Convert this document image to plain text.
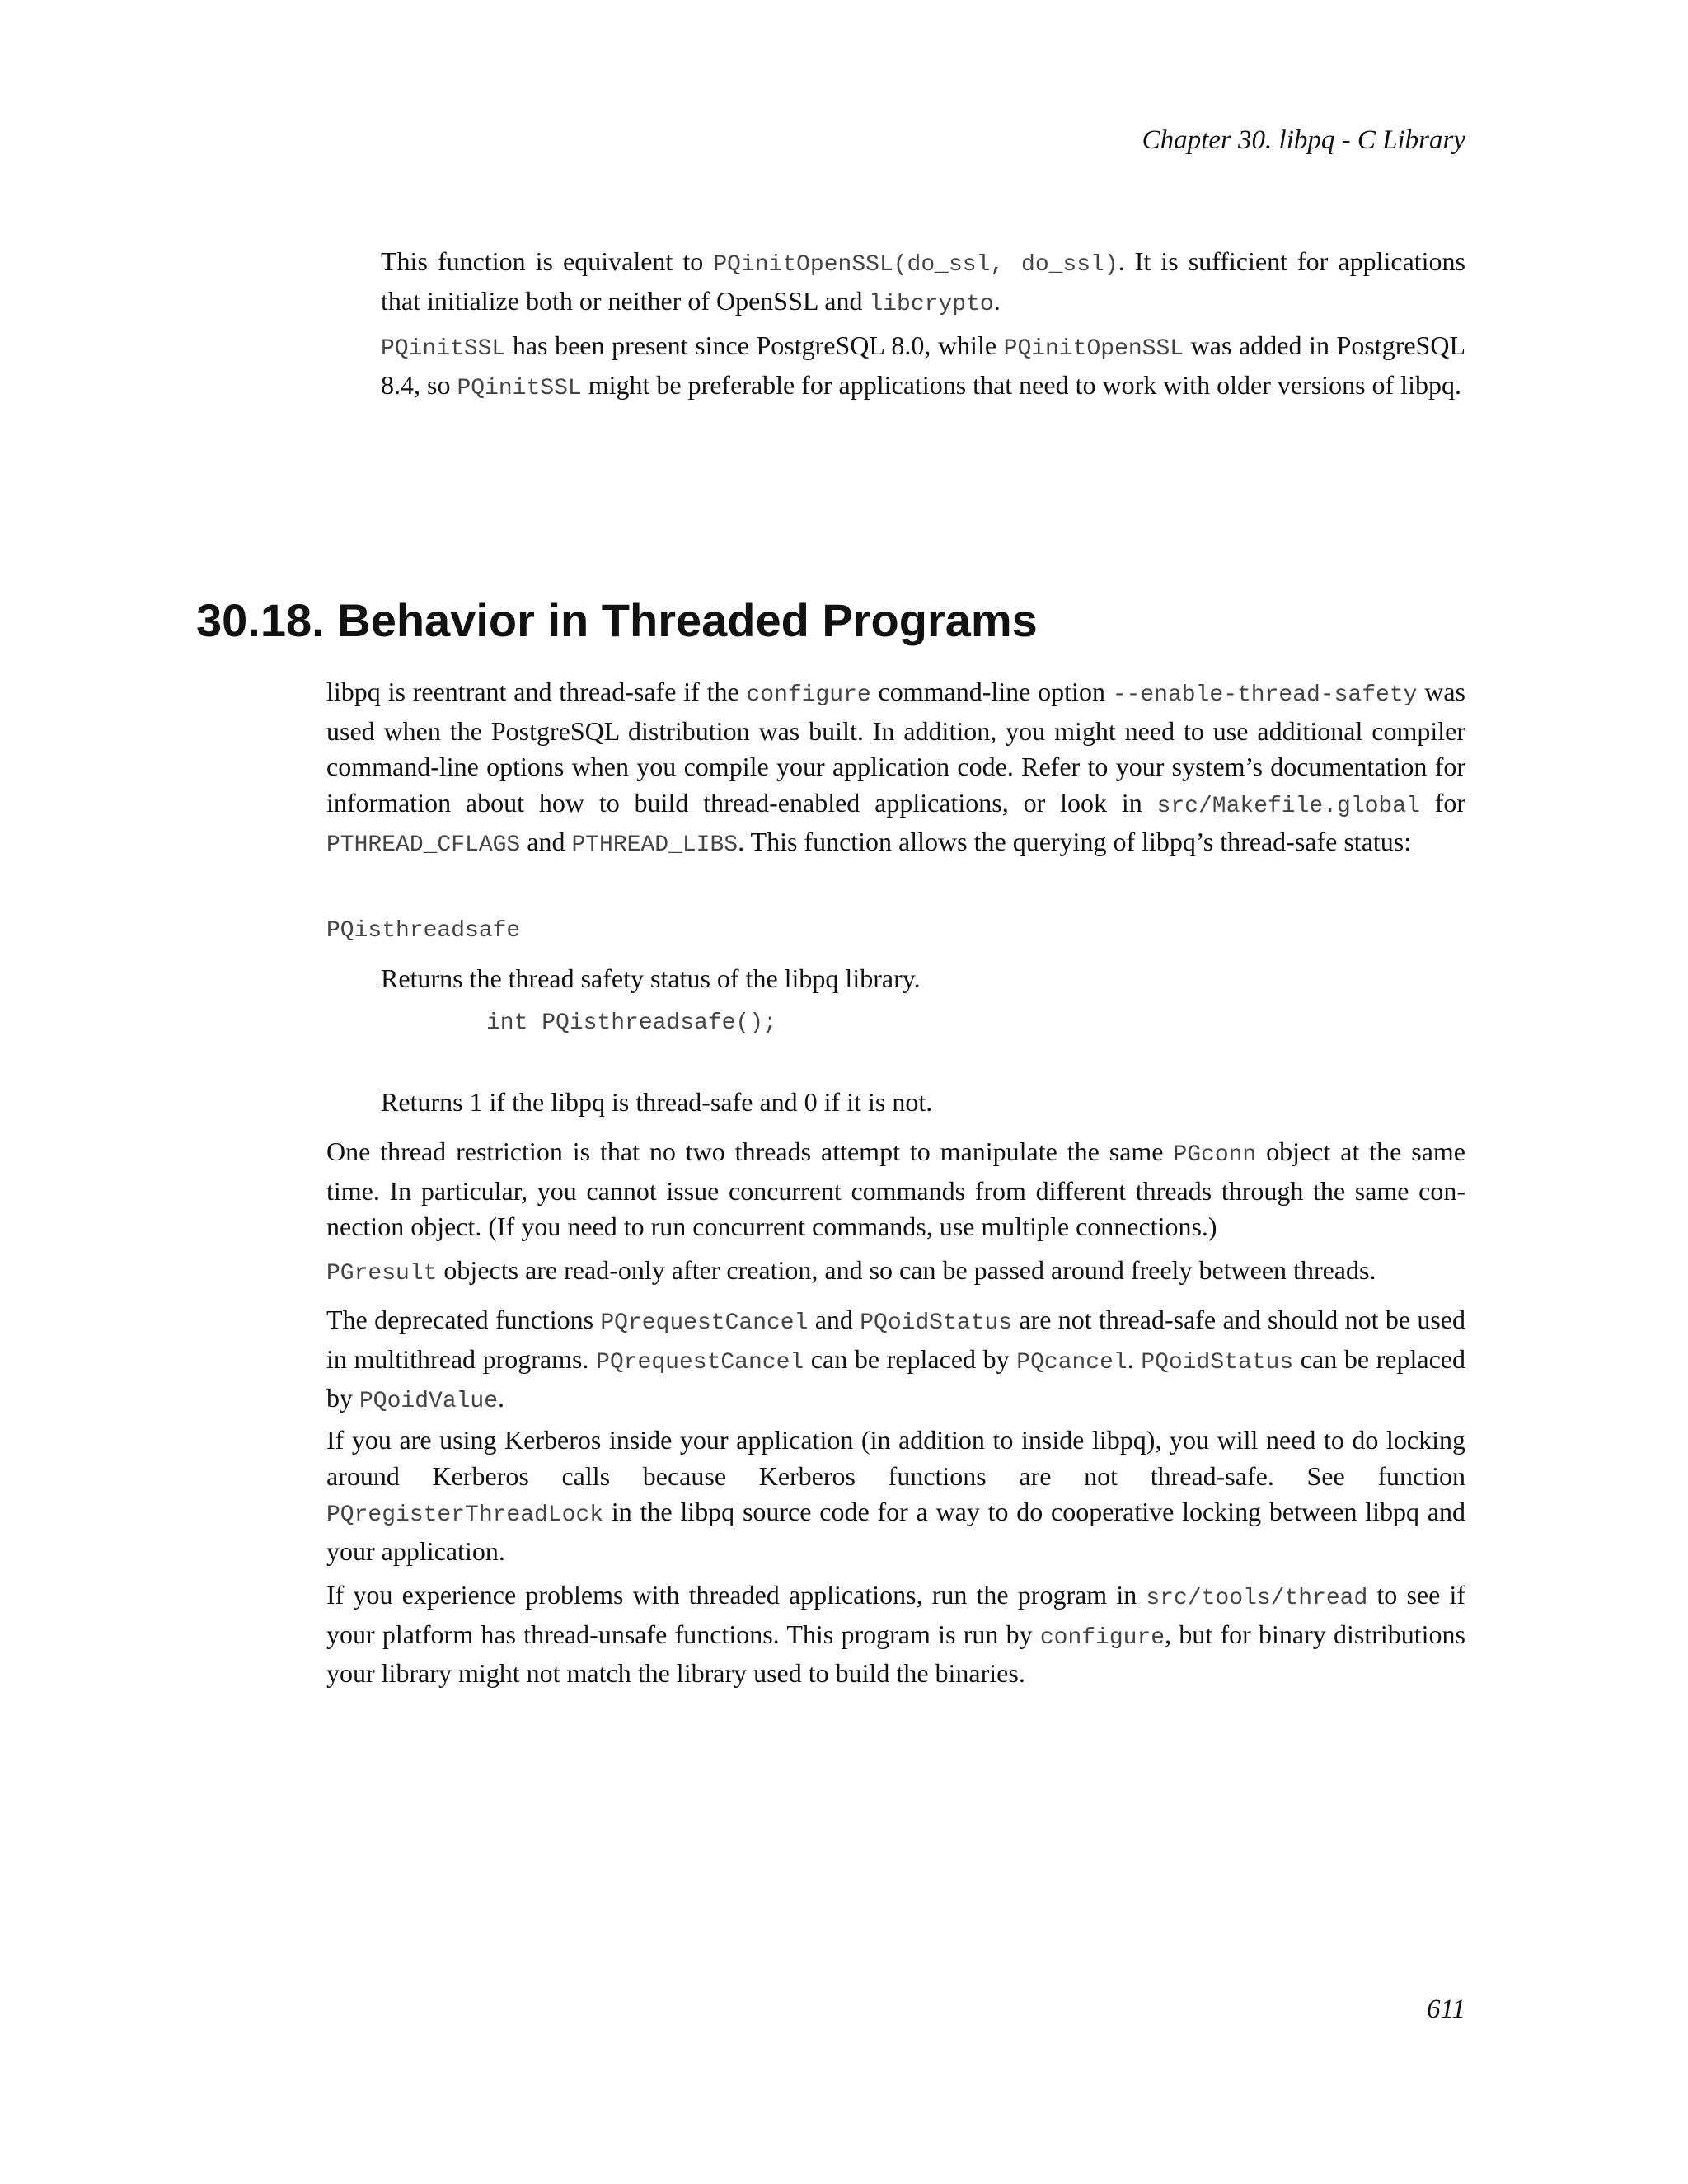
Chapter 30. libpq - C Library

This function is equivalent to PQinitOpenSSL(do_ssl, do_ssl). It is sufficient for applications that initialize both or neither of OpenSSL and libcrypto.

PQinitSSL has been present since PostgreSQL 8.0, while PQinitOpenSSL was added in PostgreSQL 8.4, so PQinitSSL might be preferable for applications that need to work with older versions of libpq.

30.18. Behavior in Threaded Programs

libpq is reentrant and thread-safe if the configure command-line option --enable-thread-safety was used when the PostgreSQL distribution was built. In addition, you might need to use additional compiler command-line options when you compile your application code. Refer to your system’s documentation for information about how to build thread-enabled applications, or look in src/Makefile.global for PTHREAD_CFLAGS and PTHREAD_LIBS. This function allows the querying of libpq’s thread-safe status:

PQisthreadsafe

Returns the thread safety status of the libpq library.

int PQisthreadsafe();

Returns 1 if the libpq is thread-safe and 0 if it is not.

One thread restriction is that no two threads attempt to manipulate the same PGconn object at the same time. In particular, you cannot issue concurrent commands from different threads through the same connection object. (If you need to run concurrent commands, use multiple connections.)

PGresult objects are read-only after creation, and so can be passed around freely between threads.

The deprecated functions PQrequestCancel and PQoidStatus are not thread-safe and should not be used in multithread programs. PQrequestCancel can be replaced by PQcancel. PQoidStatus can be replaced by PQoidValue.

If you are using Kerberos inside your application (in addition to inside libpq), you will need to do locking around Kerberos calls because Kerberos functions are not thread-safe. See function PQregisterThreadLock in the libpq source code for a way to do cooperative locking between libpq and your application.

If you experience problems with threaded applications, run the program in src/tools/thread to see if your platform has thread-unsafe functions. This program is run by configure, but for binary distributions your library might not match the library used to build the binaries.

611
